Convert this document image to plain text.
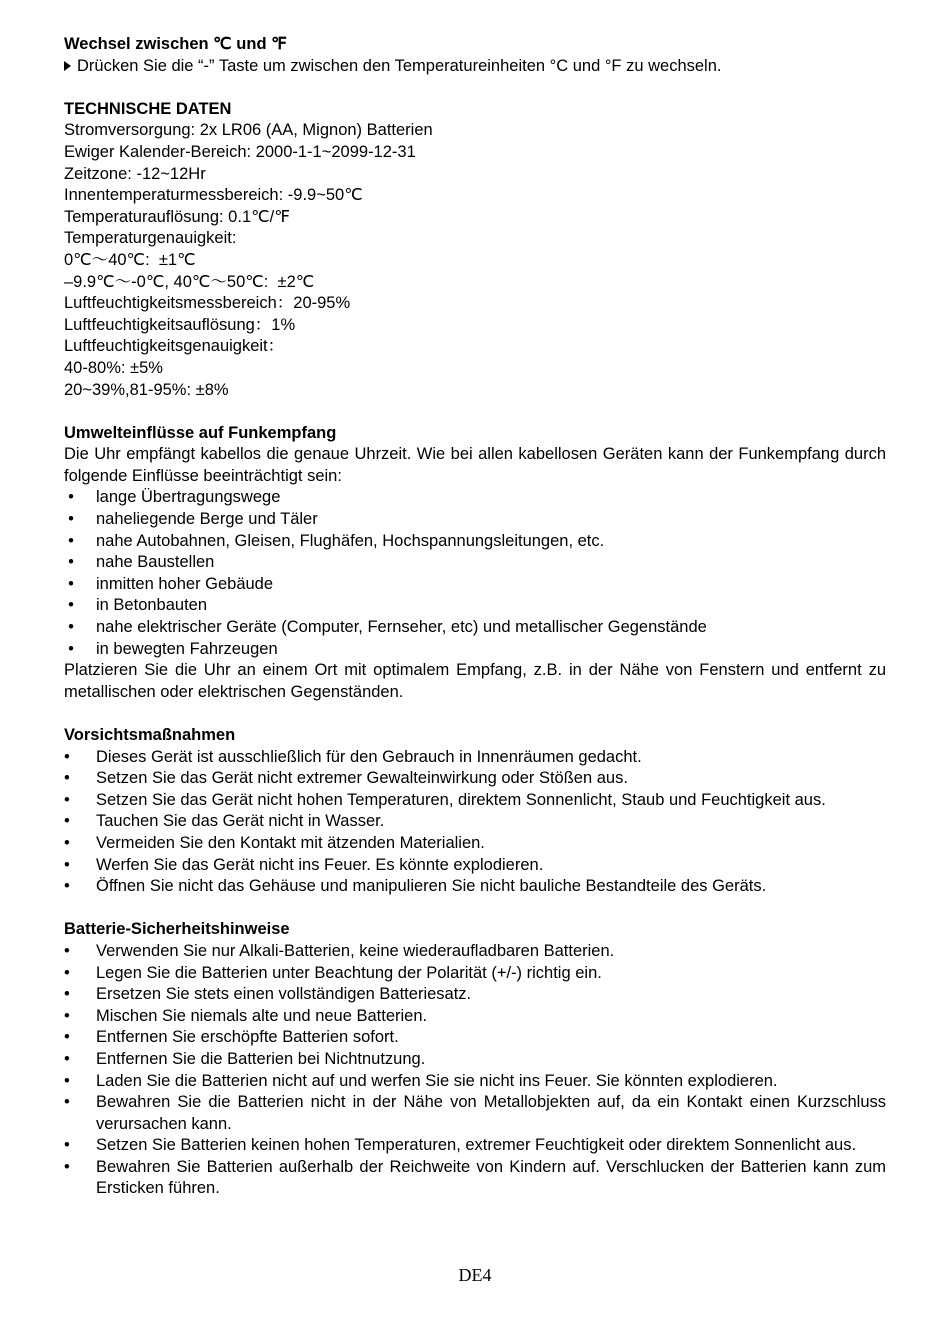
Wechsel zwischen ℃ und ℉
Drücken Sie die “-” Taste um zwischen den Temperatureinheiten °C und °F zu wechseln.
TECHNISCHE DATEN
Stromversorgung: 2x LR06 (AA, Mignon) Batterien
Ewiger Kalender-Bereich: 2000-1-1~2099-12-31
Zeitzone: -12~12Hr
Innentemperaturmessbereich: -9.9~50℃
Temperaturauflösung: 0.1℃/℉
Temperaturgenauigkeit:
0℃～40℃:  ±1℃
–9.9℃～-0℃, 40℃～50℃:  ±2℃
Luftfeuchtigkeitsmessbereich：20-95%
Luftfeuchtigkeitsauflösung：1%
Luftfeuchtigkeitsgenauigkeit：
40-80%: ±5%
20~39%,81-95%: ±8%
Umwelteinflüsse auf Funkempfang
Die Uhr empfängt kabellos die genaue Uhrzeit. Wie bei allen kabellosen Geräten kann der Funkempfang durch folgende Einflüsse beeinträchtigt sein:
• lange Übertragungswege
• naheliegende Berge und Täler
• nahe Autobahnen, Gleisen, Flughäfen, Hochspannungsleitungen, etc.
• nahe Baustellen
• inmitten hoher Gebäude
• in Betonbauten
• nahe elektrischer Geräte (Computer, Fernseher, etc) und metallischer Gegenstände
• in bewegten Fahrzeugen
Platzieren Sie die Uhr an einem Ort mit optimalem Empfang, z.B. in der Nähe von Fenstern und entfernt zu metallischen oder elektrischen Gegenständen.
Vorsichtsmaßnahmen
•	Dieses Gerät ist ausschließlich für den Gebrauch in Innenräumen gedacht.
•	Setzen Sie das Gerät nicht extremer Gewalteinwirkung oder Stößen aus.
•	Setzen Sie das Gerät nicht hohen Temperaturen, direktem Sonnenlicht, Staub und Feuchtigkeit aus.
•	Tauchen Sie das Gerät nicht in Wasser.
•	Vermeiden Sie den Kontakt mit ätzenden Materialien.
•	Werfen Sie das Gerät nicht ins Feuer. Es könnte explodieren.
•	Öffnen Sie nicht das Gehäuse und manipulieren Sie nicht bauliche Bestandteile des Geräts.
Batterie-Sicherheitshinweise
•	Verwenden Sie nur Alkali-Batterien, keine wiederaufladbaren Batterien.
•	Legen Sie die Batterien unter Beachtung der Polarität (+/-) richtig ein.
•	Ersetzen Sie stets einen vollständigen Batteriesatz.
•	Mischen Sie niemals alte und neue Batterien.
•	Entfernen Sie erschöpfte Batterien sofort.
•	Entfernen Sie die Batterien bei Nichtnutzung.
•	Laden Sie die Batterien nicht auf und werfen Sie sie nicht ins Feuer. Sie könnten explodieren.
•	Bewahren Sie die Batterien nicht in der Nähe von Metallobjekten auf, da ein Kontakt einen Kurzschluss verursachen kann.
•	Setzen Sie Batterien keinen hohen Temperaturen, extremer Feuchtigkeit oder direktem Sonnenlicht aus.
•	Bewahren Sie Batterien außerhalb der Reichweite von Kindern auf. Verschlucken der Batterien kann zum Ersticken führen.
DE4
